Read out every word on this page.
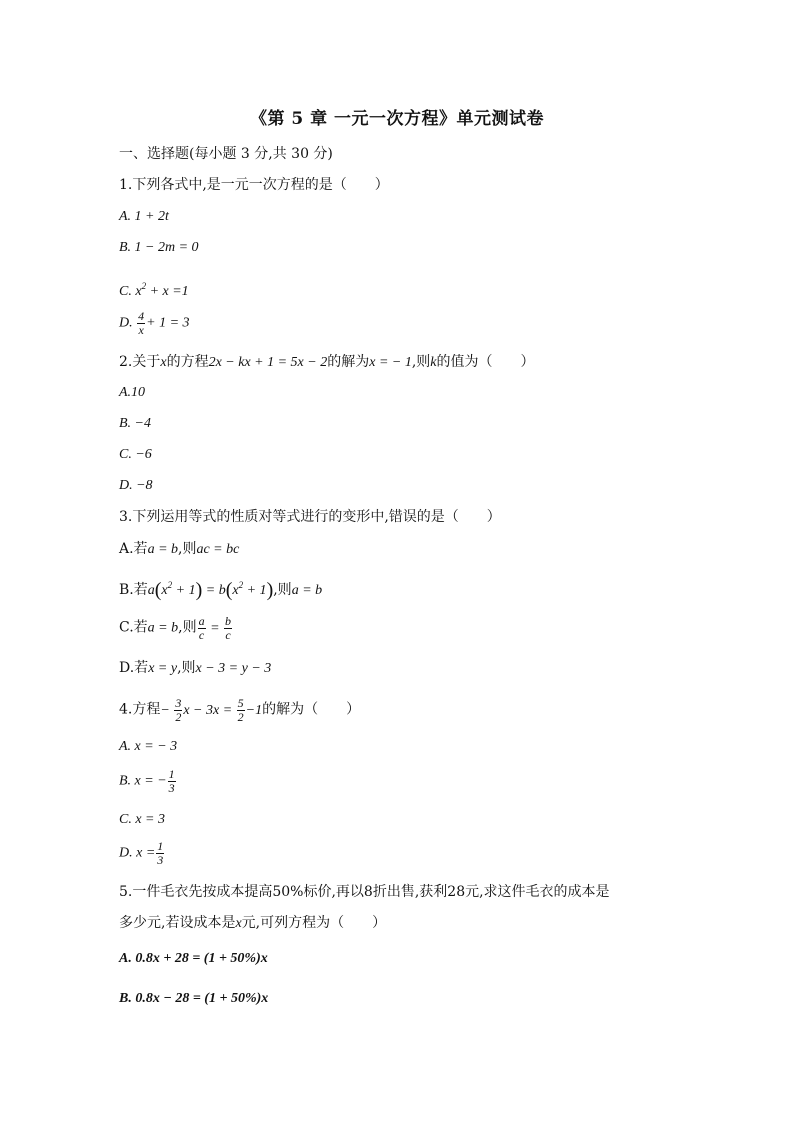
《第 5 章 一元一次方程》单元测试卷
一、选择题(每小题 3 分,共 30 分)
1.下列各式中,是一元一次方程的是（　　）
A. 1 + 2t
B. 1 − 2m = 0
C. $x^2 + x =1$
D. $\frac{4}{x} + 1 = 3$
2.关于x的方程2x − kx + 1 = 5x − 2的解为x = − 1,则k的值为（　　）
A.10
B. −4
C. −6
D. −8
3.下列运用等式的性质对等式进行的变形中,错误的是（　　）
A.若a = b,则ac = bc
B.若$a(x^2 + 1) = b(x^2 + 1)$,则a = b
C.若a = b,则 $\frac{a}{c} = \frac{b}{c}$
D.若x = y,则x − 3 = y − 3
4.方程− $\frac{3}{2}$ $x - 3x = \frac{5}{2} -1$的解为（　　）
A. x = − 3
B. x = − $\frac{1}{3}$
C. x = 3
D. $x = \frac{1}{3}$
5.一件毛衣先按成本提高50%标价,再以8折出售,获利28元,求这件毛衣的成本是
多少元,若设成本是x元,可列方程为（　　）
A. 0.8x + 28 = (1 + 50%)x
B. 0.8x − 28 = (1 + 50%)x
